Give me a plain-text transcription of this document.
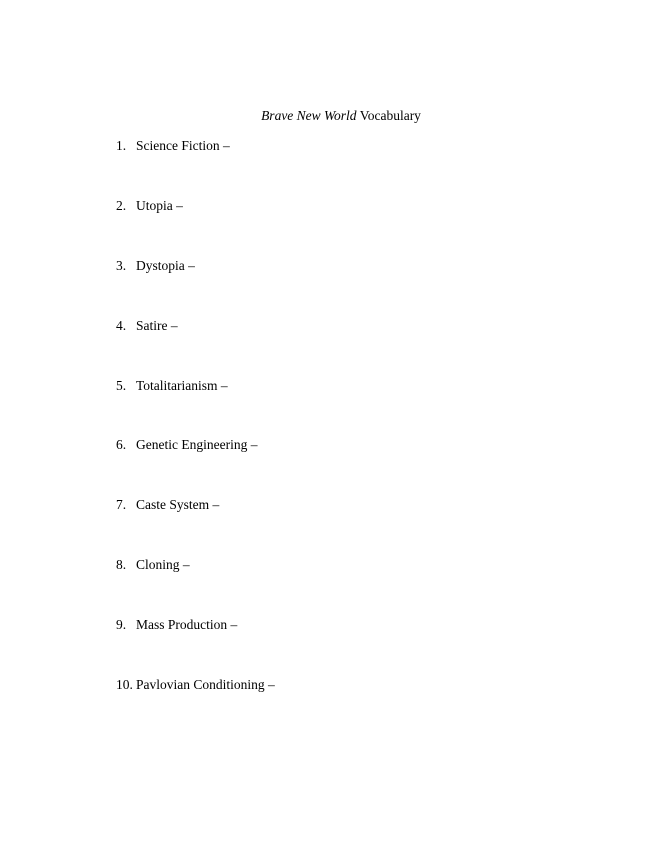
Brave New World Vocabulary
1. Science Fiction –
2. Utopia –
3. Dystopia –
4. Satire –
5. Totalitarianism –
6. Genetic Engineering –
7. Caste System –
8. Cloning –
9. Mass Production –
10. Pavlovian Conditioning –
